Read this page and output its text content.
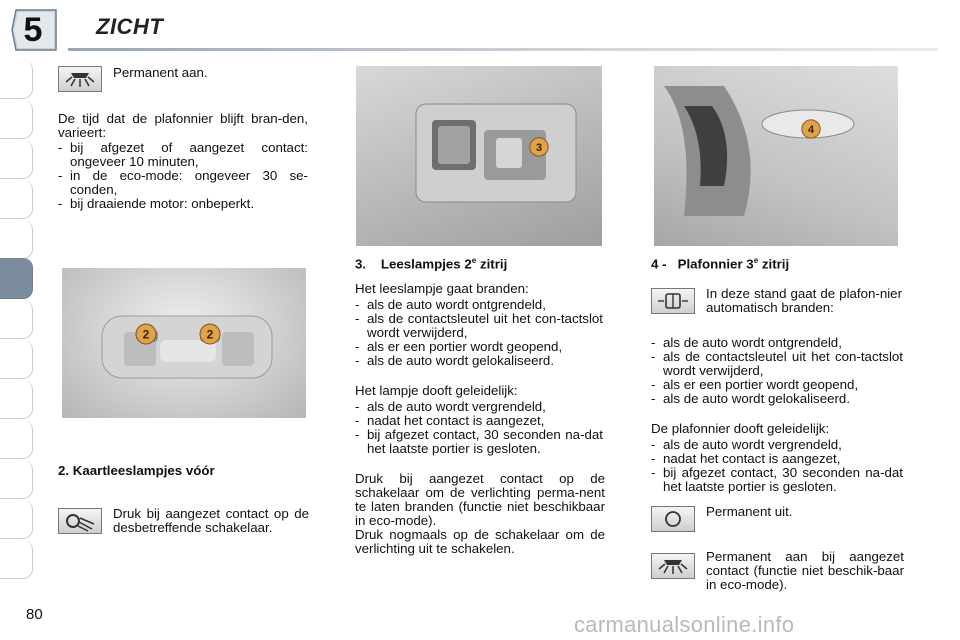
5	ZICHT
Permanent aan.
De tijd dat de plafonnier blijft bran-den, varieert:
- bij afgezet of aangezet contact: ongeveer 10 minuten,
- in de eco-mode: ongeveer 30 se-conden,
- bij draaiende motor: onbeperkt.
2	2
2. Kaartleeslampjes vóór
Druk bij aangezet contact op de desbetreffende schakelaar.
3
3.    Leeslampjes 2e zitrij
Het leeslampje gaat branden:
- als de auto wordt ontgrendeld,
- als de contactsleutel uit het con-tactslot wordt verwijderd,
- als er een portier wordt geopend,
- als de auto wordt gelokaliseerd.
Het lampje dooft geleidelijk:
- als de auto wordt vergrendeld,
- nadat het contact is aangezet,
- bij afgezet contact, 30 seconden na-dat het laatste portier is gesloten.
Druk bij aangezet contact op de schakelaar om de verlichting perma-nent te laten branden (functie niet beschikbaar in eco-mode).
Druk nogmaals op de schakelaar om de verlichting uit te schakelen.
4
4 -   Plafonnier 3e zitrij
In deze stand gaat de plafon-nier automatisch branden:
- als de auto wordt ontgrendeld,
- als de contactsleutel uit het con-tactslot wordt verwijderd,
- als er een portier wordt geopend,
- als de auto wordt gelokaliseerd.
De plafonnier dooft geleidelijk:
- als de auto wordt vergrendeld,
- nadat het contact is aangezet,
- bij afgezet contact, 30 seconden na-dat het laatste portier is gesloten.
Permanent uit.
Permanent aan bij aangezet contact (functie niet beschik-baar in eco-mode).
80	carmanualsonline.info
